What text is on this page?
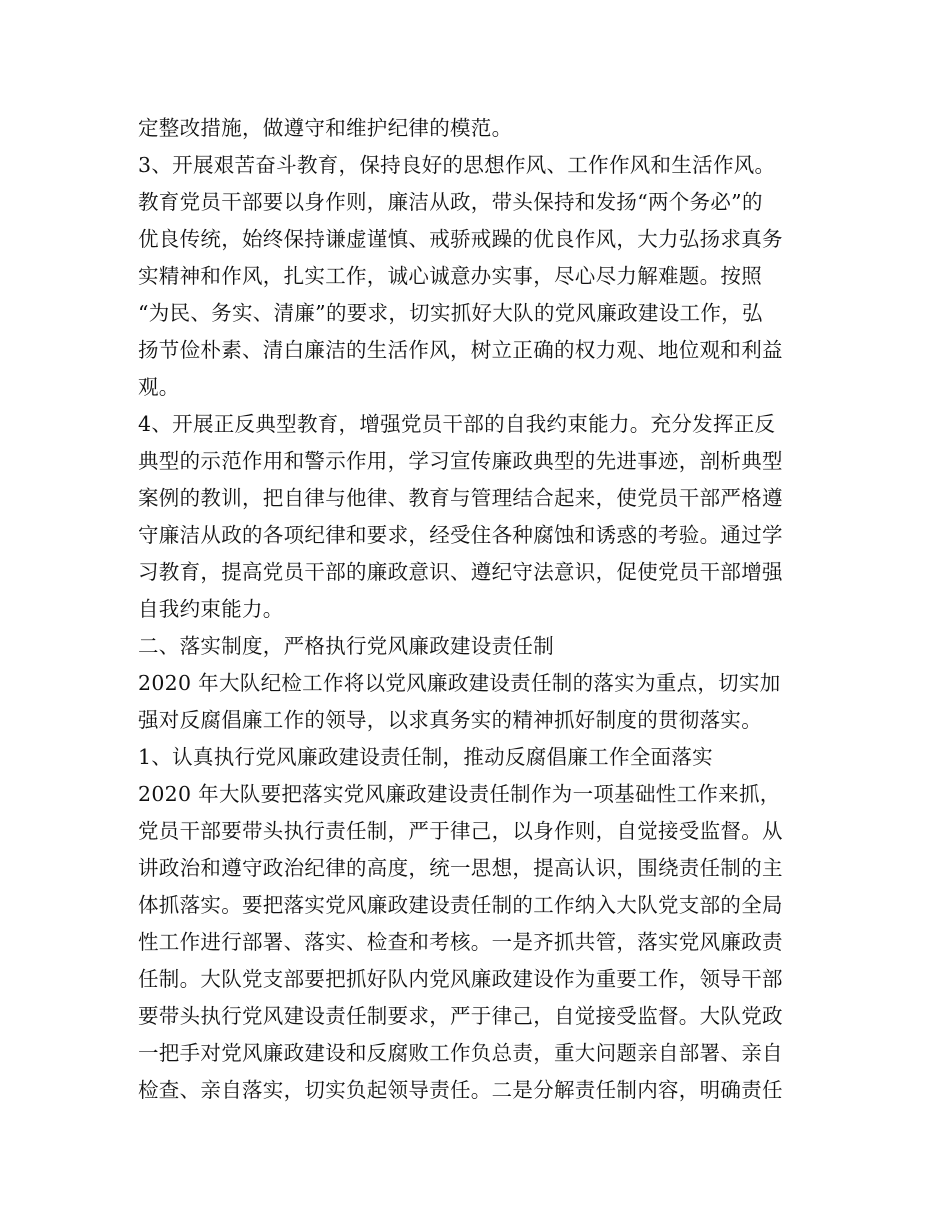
定整改措施，做遵守和维护纪律的模范。
3、开展艰苦奋斗教育，保持良好的思想作风、工作作风和生活作风。
教育党员干部要以身作则，廉洁从政，带头保持和发扬“两个务必”的
优良传统，始终保持谦虚谨慎、戒骄戒躁的优良作风，大力弘扬求真务
实精神和作风，扎实工作，诚心诚意办实事，尽心尽力解难题。按照
“为民、务实、清廉”的要求，切实抓好大队的党风廉政建设工作，弘
扬节俭朴素、清白廉洁的生活作风，树立正确的权力观、地位观和利益
观。
4、开展正反典型教育，增强党员干部的自我约束能力。充分发挥正反
典型的示范作用和警示作用，学习宣传廉政典型的先进事迹，剖析典型
案例的教训，把自律与他律、教育与管理结合起来，使党员干部严格遵
守廉洁从政的各项纪律和要求，经受住各种腐蚀和诱惑的考验。通过学
习教育，提高党员干部的廉政意识、遵纪守法意识，促使党员干部增强
自我约束能力。
二、落实制度，严格执行党风廉政建设责任制
2020 年大队纪检工作将以党风廉政建设责任制的落实为重点，切实加
强对反腐倡廉工作的领导，以求真务实的精神抓好制度的贯彻落实。
1、认真执行党风廉政建设责任制，推动反腐倡廉工作全面落实
2020 年大队要把落实党风廉政建设责任制作为一项基础性工作来抓，
党员干部要带头执行责任制，严于律己，以身作则，自觉接受监督。从
讲政治和遵守政治纪律的高度，统一思想，提高认识，围绕责任制的主
体抓落实。要把落实党风廉政建设责任制的工作纳入大队党支部的全局
性工作进行部署、落实、检查和考核。一是齐抓共管，落实党风廉政责
任制。大队党支部要把抓好队内党风廉政建设作为重要工作，领导干部
要带头执行党风建设责任制要求，严于律己，自觉接受监督。大队党政
一把手对党风廉政建设和反腐败工作负总责，重大问题亲自部署、亲自
检查、亲自落实，切实负起领导责任。二是分解责任制内容，明确责任
